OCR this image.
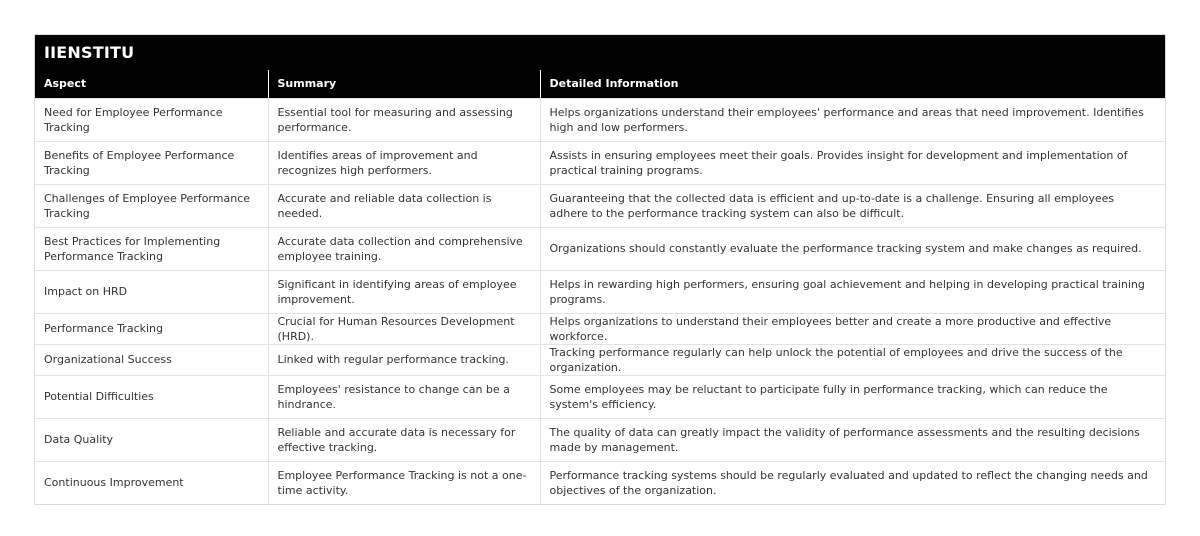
IIENSTITU
Aspect	Summary	Detailed Information
Need for Employee Performance Tracking	Essential tool for measuring and assessing performance.	Helps organizations understand their employees' performance and areas that need improvement. Identifies high and low performers.
Benefits of Employee Performance Tracking	Identifies areas of improvement and recognizes high performers.	Assists in ensuring employees meet their goals. Provides insight for development and implementation of practical training programs.
Challenges of Employee Performance Tracking	Accurate and reliable data collection is needed.	Guaranteeing that the collected data is efficient and up-to-date is a challenge. Ensuring all employees adhere to the performance tracking system can also be difficult.
Best Practices for Implementing Performance Tracking	Accurate data collection and comprehensive employee training.	Organizations should constantly evaluate the performance tracking system and make changes as required.
Impact on HRD	Significant in identifying areas of employee improvement.	Helps in rewarding high performers, ensuring goal achievement and helping in developing practical training programs.
Performance Tracking	Crucial for Human Resources Development (HRD).	Helps organizations to understand their employees better and create a more productive and effective workforce.
Organizational Success	Linked with regular performance tracking.	Tracking performance regularly can help unlock the potential of employees and drive the success of the organization.
Potential Difficulties	Employees' resistance to change can be a hindrance.	Some employees may be reluctant to participate fully in performance tracking, which can reduce the system's efficiency.
Data Quality	Reliable and accurate data is necessary for effective tracking.	The quality of data can greatly impact the validity of performance assessments and the resulting decisions made by management.
Continuous Improvement	Employee Performance Tracking is not a one-time activity.	Performance tracking systems should be regularly evaluated and updated to reflect the changing needs and objectives of the organization.
